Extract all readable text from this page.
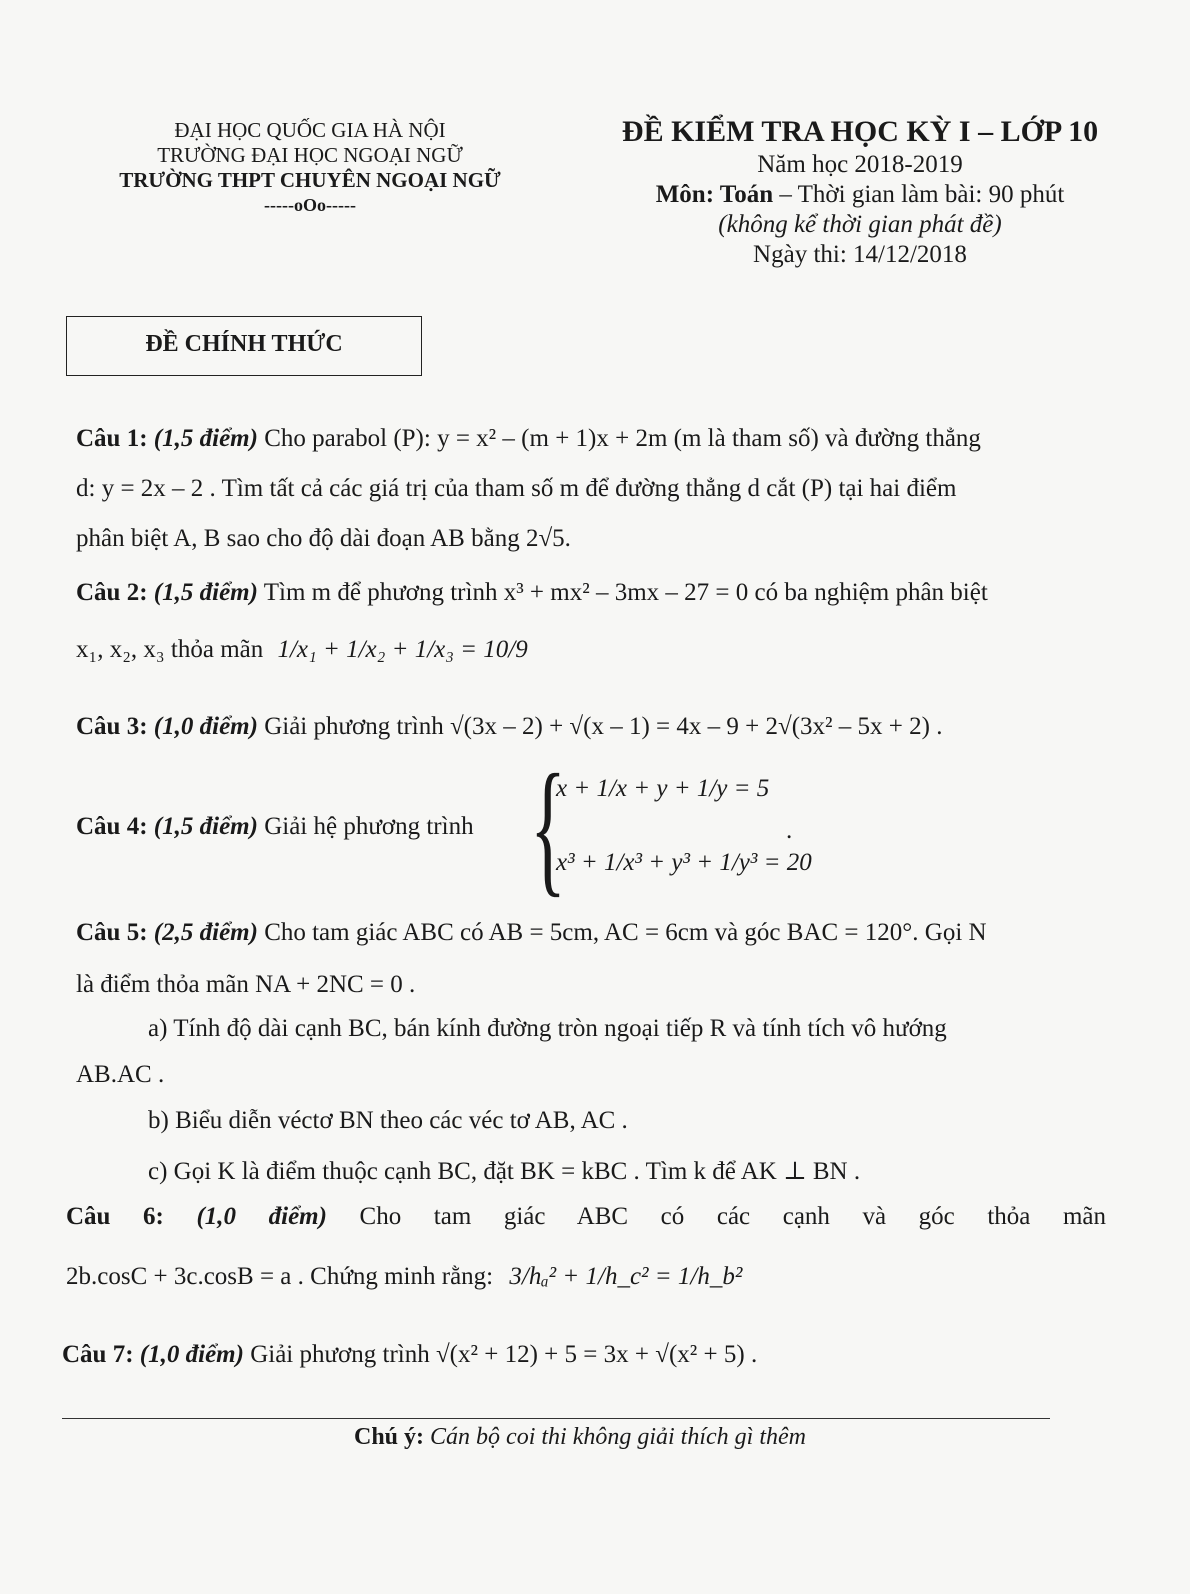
ĐẠI HỌC QUỐC GIA HÀ NỘI
TRƯỜNG ĐẠI HỌC NGOẠI NGỮ
TRƯỜNG THPT CHUYÊN NGOẠI NGỮ
-----oOo-----
ĐỀ KIỂM TRA HỌC KỲ I – LỚP 10
Năm học 2018-2019
Môn: Toán – Thời gian làm bài: 90 phút
(không kể thời gian phát đề)
Ngày thi: 14/12/2018
ĐỀ CHÍNH THỨC
Câu 1: (1,5 điểm) Cho parabol (P): y = x² – (m + 1)x + 2m (m là tham số) và đường thẳng
d: y = 2x – 2 . Tìm tất cả các giá trị của tham số m để đường thẳng d cắt (P) tại hai điểm
phân biệt A, B sao cho độ dài đoạn AB bằng 2√5.
Câu 2: (1,5 điểm) Tìm m để phương trình x³ + mx² – 3mx – 27 = 0 có ba nghiệm phân biệt
x₁, x₂, x₃ thỏa mãn 1/x₁ + 1/x₂ + 1/x₃ = 10/9
Câu 3: (1,0 điểm) Giải phương trình √(3x – 2) + √(x – 1) = 4x – 9 + 2√(3x² – 5x + 2) .
Câu 4: (1,5 điểm) Giải hệ phương trình {
x + 1/x + y + 1/y = 5
x³ + 1/x³ + y³ + 1/y³ = 20
.
Câu 5: (2,5 điểm) Cho tam giác ABC có AB = 5cm, AC = 6cm và góc BAC = 120°. Gọi N
là điểm thỏa mãn NA + 2NC = 0 .
a) Tính độ dài cạnh BC, bán kính đường tròn ngoại tiếp R và tính tích vô hướng
AB.AC .
b) Biểu diễn véctơ BN theo các véc tơ AB, AC .
c) Gọi K là điểm thuộc cạnh BC, đặt BK = kBC . Tìm k để AK ⊥ BN .
Câu 6: (1,0 điểm) Cho tam giác ABC có các cạnh và góc thỏa mãn
2b.cosC + 3c.cosB = a . Chứng minh rằng: 3/hₐ² + 1/h_c² = 1/h_b²
Câu 7: (1,0 điểm) Giải phương trình √(x² + 12) + 5 = 3x + √(x² + 5) .
Chú ý: Cán bộ coi thi không giải thích gì thêm
